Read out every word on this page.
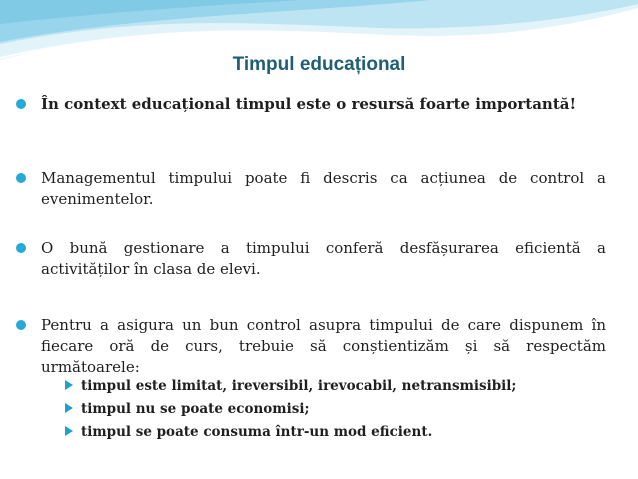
Timpul educațional

În context educațional timpul este o resursă foarte importantă!

Managementul timpului poate fi descris ca acțiunea de control a evenimentelor.

O bună gestionare a timpului conferă desfășurarea eficientă a activităților în clasa de elevi.

Pentru a asigura un bun control asupra timpului de care dispunem în fiecare oră de curs, trebuie să conștientizăm și să respectăm următoarele:

timpul este limitat, ireversibil, irevocabil, netransmisibil;
timpul nu se poate economisi;
timpul se poate consuma într-un mod eficient.
